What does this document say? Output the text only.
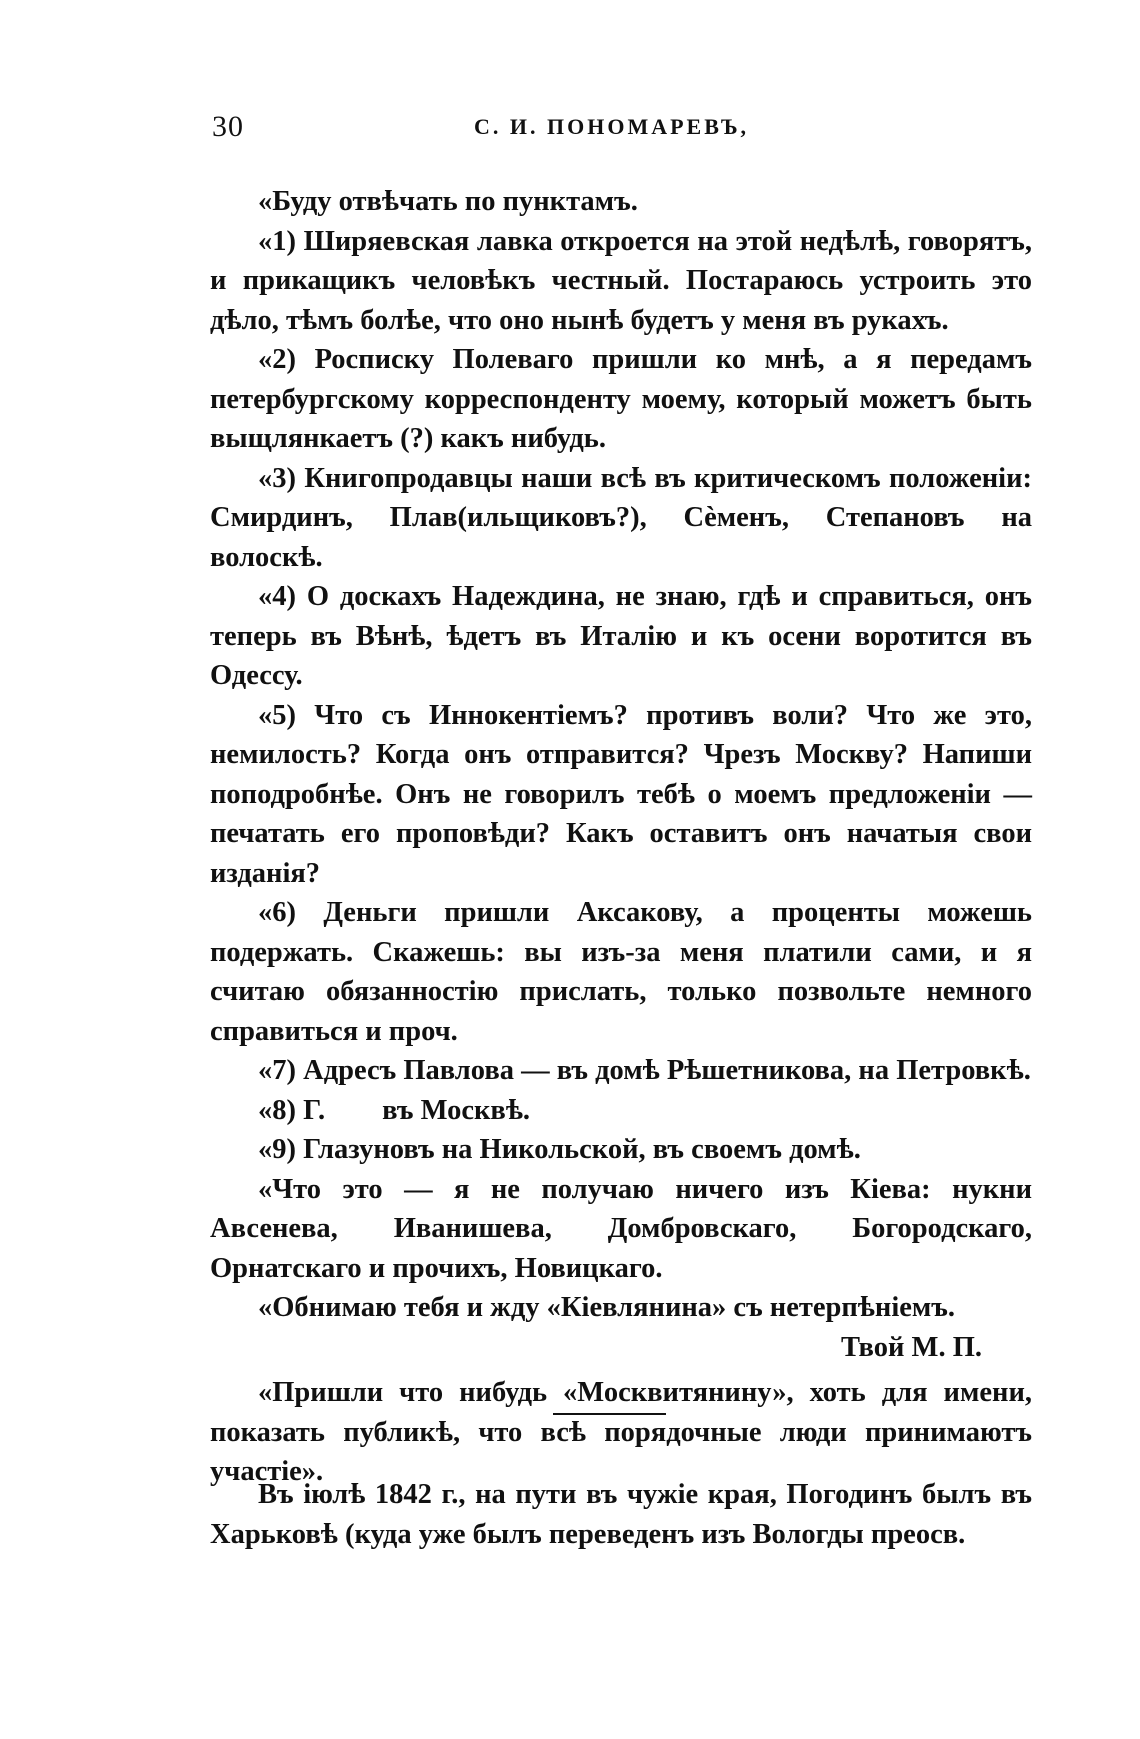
30	С. И. ПОНОМАРЕВЪ,

«Буду отвѣчать по пунктамъ.

«1) Ширяевская лавка откроется на этой недѣлѣ, говорятъ, и прикащикъ человѣкъ честный. Постараюсь устроить это дѣло, тѣмъ болѣе, что оно нынѣ будетъ у меня въ рукахъ.

«2) Росписку Полеваго пришли ко мнѣ, а я передамъ петербургскому корреспонденту моему, который можетъ быть выщлянкаетъ (?) какъ нибудь.

«3) Книгопродавцы наши всѣ въ критическомъ положеніи: Смирдинъ, Плав(ильщиковъ?), Сѐменъ, Степановъ на волоскѣ.

«4) О доскахъ Надеждина, не знаю, гдѣ и справиться, онъ теперь въ Вѣнѣ, ѣдетъ въ Италію и къ осени воротится въ Одессу.

«5) Что съ Иннокентіемъ? противъ воли? Что же это, немилость? Когда онъ отправится? Чрезъ Москву? Напиши поподробнѣе. Онъ не говорилъ тебѣ о моемъ предложеніи — печатать его проповѣди? Какъ оставитъ онъ начатыя свои изданія?

«6) Деньги пришли Аксакову, а проценты можешь подержать. Скажешь: вы изъ-за меня платили сами, и я считаю обязанностію прислать, только позвольте немного справиться и проч.

«7) Адресъ Павлова — въ домѣ Рѣшетникова, на Петровкѣ.

«8) Г.        въ Москвѣ.

«9) Глазуновъ на Никольской, въ своемъ домѣ.

«Что это — я не получаю ничего изъ Кіева: нукни Авсенева, Иванишева, Домбровскаго, Богородскаго, Орнатскаго и прочихъ, Новицкаго.

«Обнимаю тебя и жду «Кіевлянина» съ нетерпѣніемъ.

Твой М. П.

«Пришли что нибудь «Москвитянину», хоть для имени, показать публикѣ, что всѣ порядочные люди принимаютъ участіе».

Въ іюлѣ 1842 г., на пути въ чужіе края, Погодинъ былъ въ Харьковѣ (куда уже былъ переведенъ изъ Вологды преосв.
